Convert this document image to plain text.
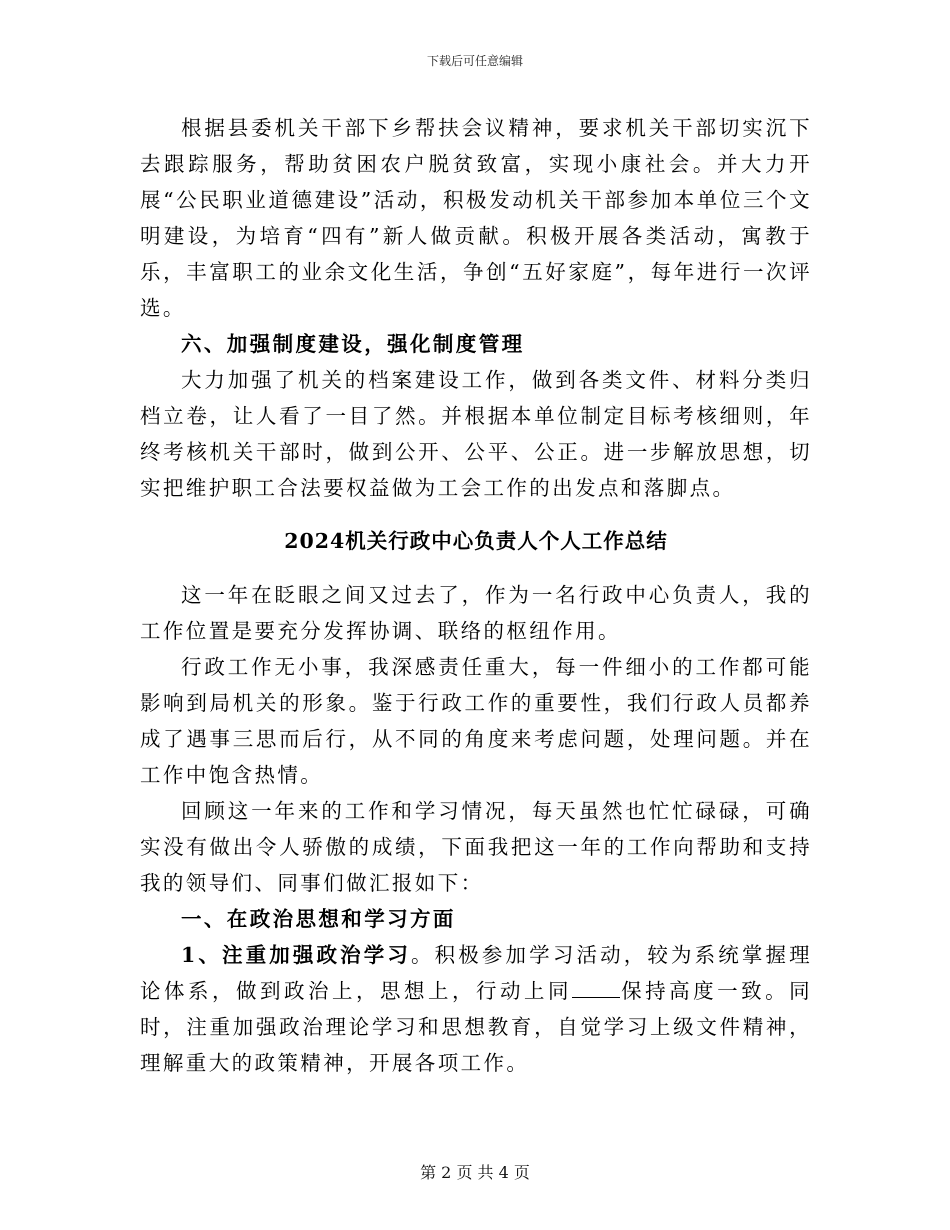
下载后可任意编辑

根据县委机关干部下乡帮扶会议精神，要求机关干部切实沉下去跟踪服务，帮助贫困农户脱贫致富，实现小康社会。并大力开展“公民职业道德建设”活动，积极发动机关干部参加本单位三个文明建设，为培育“四有”新人做贡献。积极开展各类活动，寓教于乐，丰富职工的业余文化生活，争创“五好家庭”，每年进行一次评选。

六、加强制度建设，强化制度管理

大力加强了机关的档案建设工作，做到各类文件、材料分类归档立卷，让人看了一目了然。并根据本单位制定目标考核细则，年终考核机关干部时，做到公开、公平、公正。进一步解放思想，切实把维护职工合法要权益做为工会工作的出发点和落脚点。

2024机关行政中心负责人个人工作总结

这一年在眨眼之间又过去了，作为一名行政中心负责人，我的工作位置是要充分发挥协调、联络的枢纽作用。

行政工作无小事，我深感责任重大，每一件细小的工作都可能影响到局机关的形象。鉴于行政工作的重要性，我们行政人员都养成了遇事三思而后行，从不同的角度来考虑问题，处理问题。并在工作中饱含热情。

回顾这一年来的工作和学习情况，每天虽然也忙忙碌碌，可确实没有做出令人骄傲的成绩，下面我把这一年的工作向帮助和支持我的领导们、同事们做汇报如下：

一、在政治思想和学习方面

1、注重加强政治学习。积极参加学习活动，较为系统掌握理论体系，做到政治上，思想上，行动上同 保持高度一致。同时，注重加强政治理论学习和思想教育，自觉学习上级文件精神，理解重大的政策精神，开展各项工作。

第 2 页 共 4 页
